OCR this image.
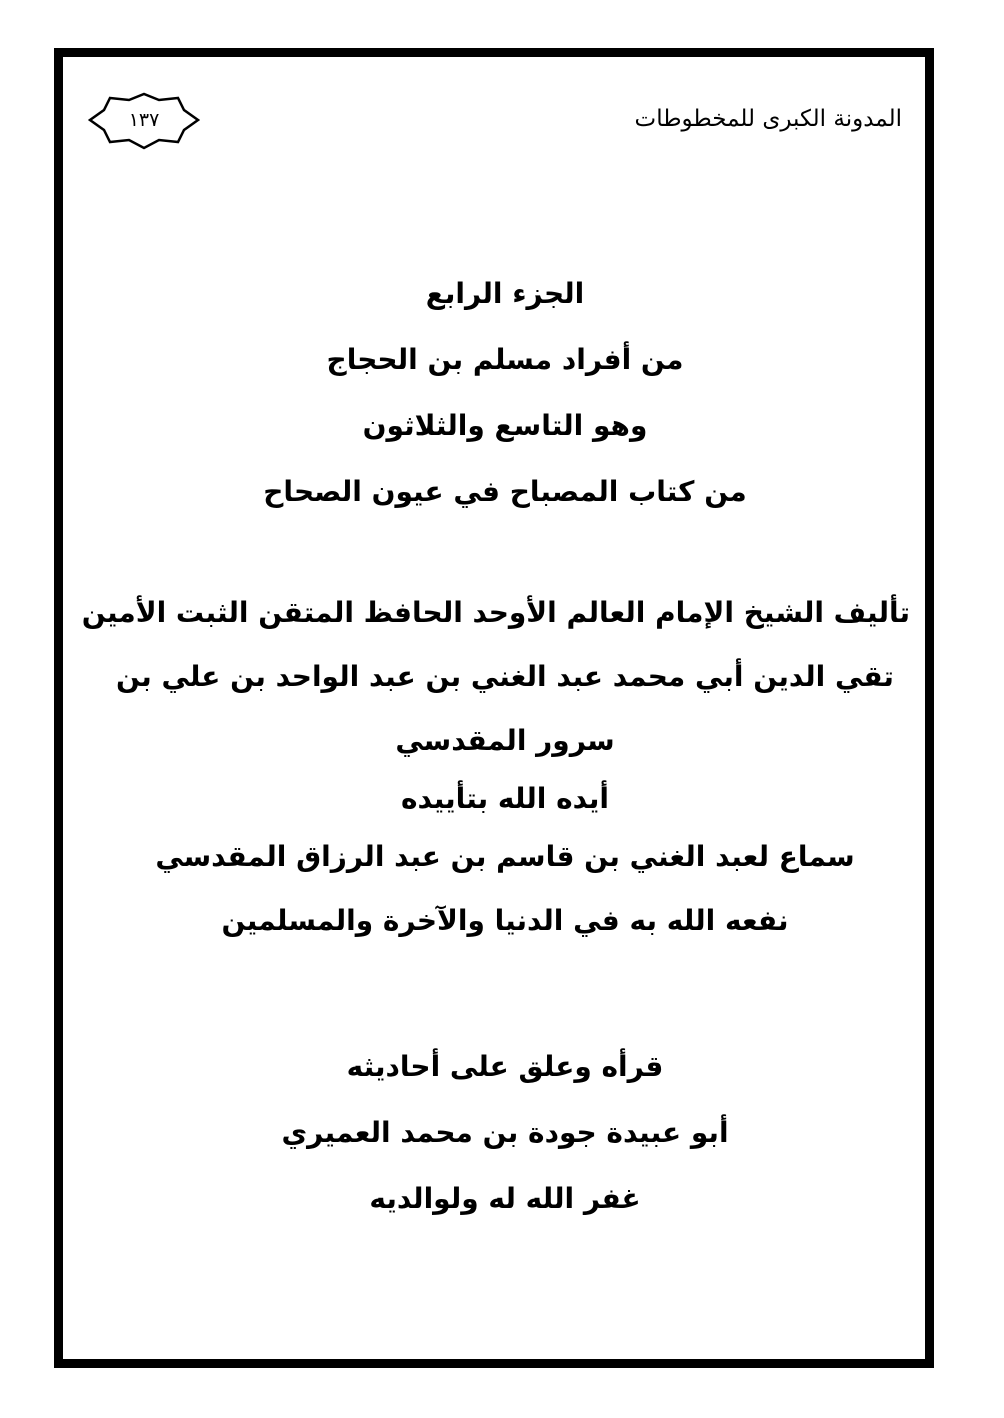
المدونة الكبرى للمخطوطات
١٣٧
الجزء الرابع
من أفراد مسلم بن الحجاج
وهو التاسع والثلاثون
من كتاب المصباح في عيون الصحاح
تأليف الشيخ الإمام العالم الأوحد الحافظ المتقن الثبت الأمين
تقي الدين أبي محمد عبد الغني بن عبد الواحد بن علي بن
سرور المقدسي
أيده الله بتأييده
سماع لعبد الغني بن قاسم بن عبد الرزاق المقدسي
نفعه الله به في الدنيا والآخرة والمسلمين
قرأه وعلق على أحاديثه
أبو عبيدة جودة بن محمد العميري
غفر الله له ولوالديه
